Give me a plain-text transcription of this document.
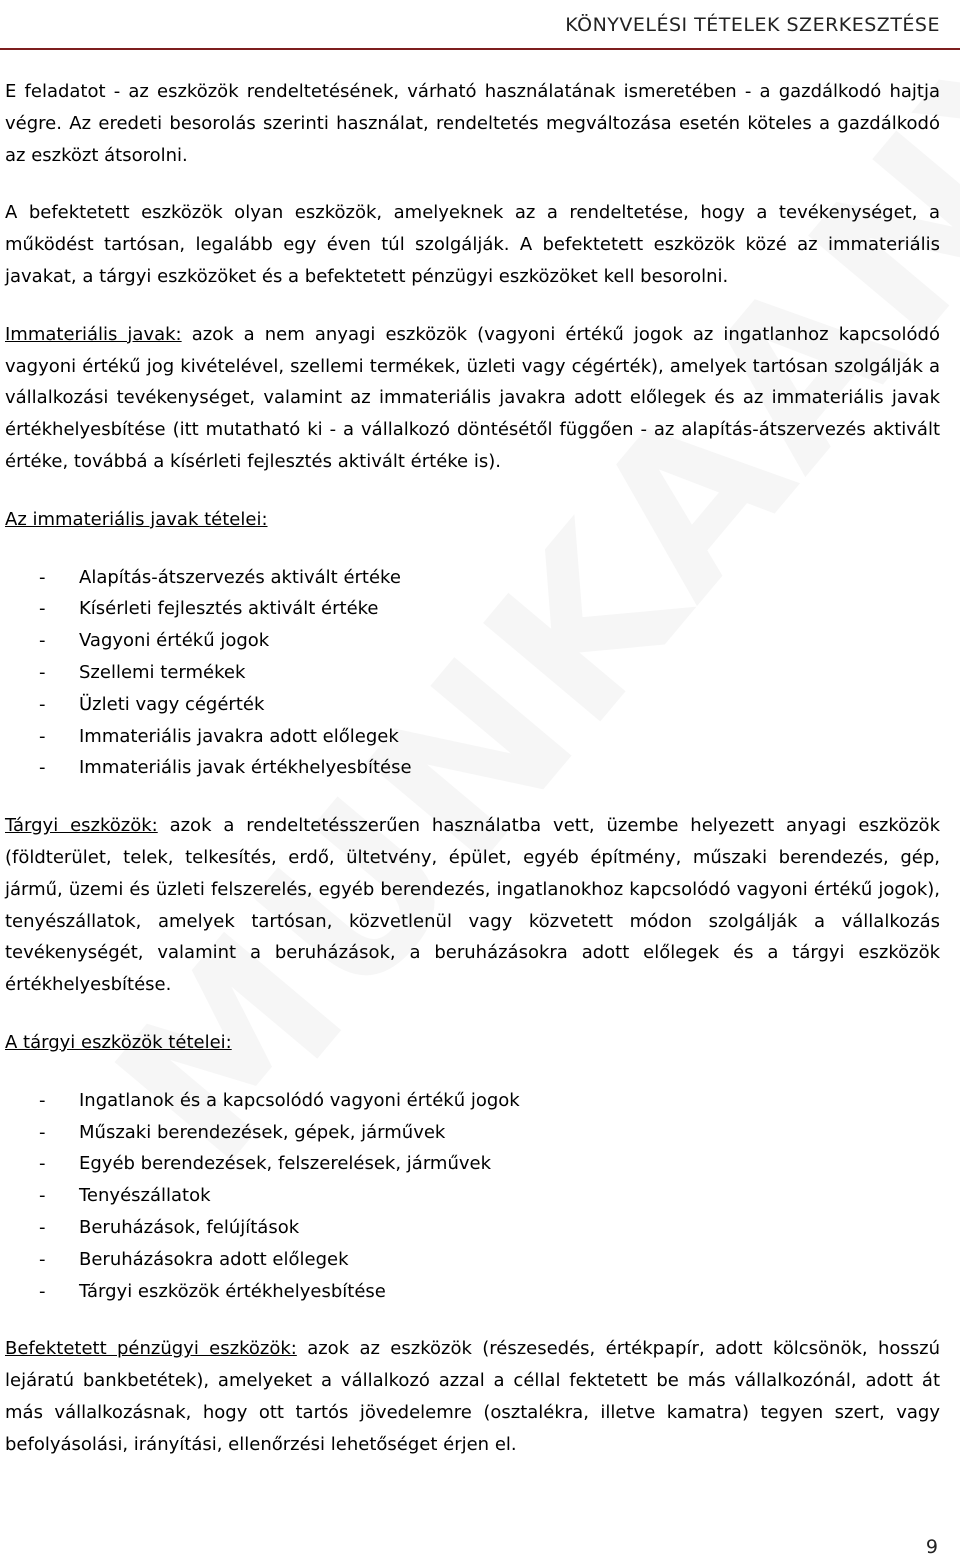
KÖNYVELÉSI TÉTELEK SZERKESZTÉSE

E feladatot - az eszközök rendeltetésének, várható használatának ismeretében - a gazdálkodó hajtja végre. Az eredeti besorolás szerinti használat, rendeltetés megváltozása esetén köteles a gazdálkodó az eszközt átsorolni.

A befektetett eszközök olyan eszközök, amelyeknek az a rendeltetése, hogy a tevékenységet, a működést tartósan, legalább egy éven túl szolgálják. A befektetett eszközök közé az immateriális javakat, a tárgyi eszközöket és a befektetett pénzügyi eszközöket kell besorolni.

Immateriális javak: azok a nem anyagi eszközök (vagyoni értékű jogok az ingatlanhoz kapcsolódó vagyoni értékű jog kivételével, szellemi termékek, üzleti vagy cégérték), amelyek tartósan szolgálják a vállalkozási tevékenységet, valamint az immateriális javakra adott előlegek és az immateriális javak értékhelyesbítése (itt mutatható ki - a vállalkozó döntésétől függően - az alapítás-átszervezés aktivált értéke, továbbá a kísérleti fejlesztés aktivált értéke is).

Az immateriális javak tételei:

- Alapítás-átszervezés aktivált értéke
- Kísérleti fejlesztés aktivált értéke
- Vagyoni értékű jogok
- Szellemi termékek
- Üzleti vagy cégérték
- Immateriális javakra adott előlegek
- Immateriális javak értékhelyesbítése

Tárgyi eszközök: azok a rendeltetésszerűen használatba vett, üzembe helyezett anyagi eszközök (földterület, telek, telkesítés, erdő, ültetvény, épület, egyéb építmény, műszaki berendezés, gép, jármű, üzemi és üzleti felszerelés, egyéb berendezés, ingatlanokhoz kapcsolódó vagyoni értékű jogok), tenyészállatok, amelyek tartósan, közvetlenül vagy közvetett módon szolgálják a vállalkozás tevékenységét, valamint a beruházások, a beruházásokra adott előlegek és a tárgyi eszközök értékhelyesbítése.

A tárgyi eszközök tételei:

- Ingatlanok és a kapcsolódó vagyoni értékű jogok
- Műszaki berendezések, gépek, járművek
- Egyéb berendezések, felszerelések, járművek
- Tenyészállatok
- Beruházások, felújítások
- Beruházásokra adott előlegek
- Tárgyi eszközök értékhelyesbítése

Befektetett pénzügyi eszközök: azok az eszközök (részesedés, értékpapír, adott kölcsönök, hosszú lejáratú bankbetétek), amelyeket a vállalkozó azzal a céllal fektetett be más vállalkozónál, adott át más vállalkozásnak, hogy ott tartós jövedelemre (osztalékra, illetve kamatra) tegyen szert, vagy befolyásolási, irányítási, ellenőrzési lehetőséget érjen el.

9
